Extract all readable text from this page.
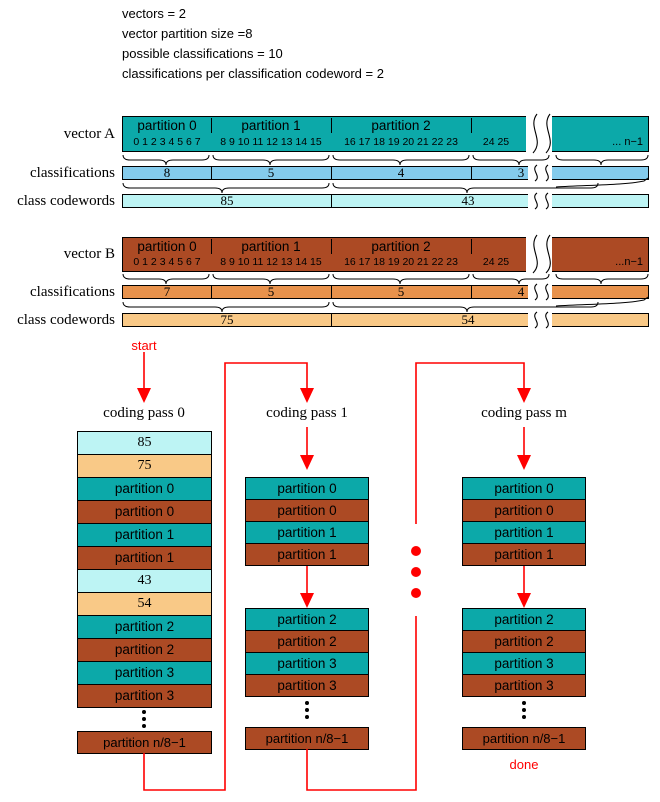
vectors = 2
vector partition size =8
possible classifications = 10
classifications per classification codeword = 2
vector A
partition 0	partition 1	partition 2
0 1 2 3 4 5 6 7	8 9 10 11 12 13 14 15	16 17 18 19 20 21 22 23	24 25	... n−1
classifications	8	5	4	3
class codewords	85	43
vector B	partition 0	partition 1	partition 2
0 1 2 3 4 5 6 7	8 9 10 11 12 13 14 15	16 17 18 19 20 21 22 23	24 25	...n−1
classifications	7	5	5	4
class codewords	75	54
start
done
coding pass 0	coding pass 1	coding pass m
85
75
partition 0
partition 0
partition 1
partition 1
43
54
partition 2
partition 2
partition 3
partition 3
partition n/8−1
partition 0
partition 0
partition 1
partition 1
partition 2
partition 2
partition 3
partition 3
partition n/8−1
partition 0
partition 0
partition 1
partition 1
partition 2
partition 2
partition 3
partition 3
partition n/8−1
